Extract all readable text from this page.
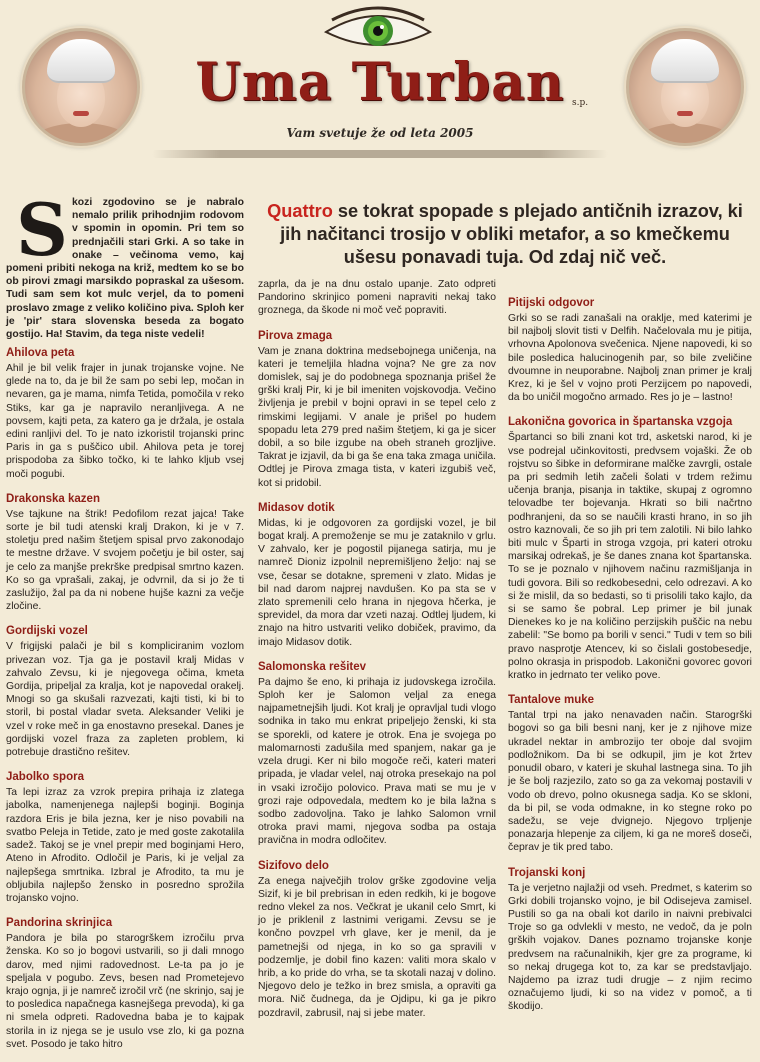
Uma Turban s.p.
Vam svetuje že od leta 2005
Skozi zgodovino se je nabralo nemalo prilik prihodnjim rodovom v spomin in opomin. Pri tem so prednjačili stari Grki. A so take in onake – večinoma vemo, kaj pomeni pribiti nekoga na križ, medtem ko se bo ob pirovi zmagi marsikdo popraskal za ušesom. Tudi sam sem kot mulc verjel, da to pomeni proslavo zmage z veliko količino piva. Sploh ker je 'pir' stara slovenska beseda za bogato gostijo. Ha! Stavim, da tega niste vedeli!
Quattro se tokrat spopade s plejado antičnih izrazov, ki jih načitanci trosijo v obliki metafor, a so kmečkemu ušesu ponavadi tuja. Od zdaj nič več.
Ahilova peta
Ahil je bil velik frajer in junak trojanske vojne. Ne glede na to, da je bil že sam po sebi lep, močan in nevaren, ga je mama, nimfa Tetida, pomočila v reko Stiks, kar ga je napravilo neranljivega. A ne povsem, kajti peta, za katero ga je držala, je ostala edini ranljivi del. To je nato izkoristil trojanski princ Paris in ga s puščico ubil. Ahilova peta je torej prispodoba za šibko točko, ki te lahko kljub vsej moči pogubi.
Drakonska kazen
Vse tajkune na štrik! Pedofilom rezat jajca! Take sorte je bil tudi atenski kralj Drakon, ki je v 7. stoletju pred našim štetjem spisal prvo zakonodajo te mestne države. V svojem početju je bil oster, saj je celo za manjše prekrške predpisal smrtno kazen. Ko so ga vprašali, zakaj, je odvrnil, da si jo že ti zaslužijo, žal pa da ni nobene hujše kazni za večje zločine.
Gordijski vozel
V frigijski palači je bil s kompliciranim vozlom privezan voz. Tja ga je postavil kralj Midas v zahvalo Zevsu, ki je njegovega očima, kmeta Gordija, pripeljal za kralja, kot je napovedal orakelj. Mnogi so ga skušali razvezati, kajti tisti, ki bi to storil, bi postal vladar sveta. Aleksander Veliki je vzel v roke meč in ga enostavno presekal. Danes je gordijski vozel fraza za zapleten problem, ki potrebuje drastično rešitev.
Jabolko spora
Ta lepi izraz za vzrok prepira prihaja iz zlatega jabolka, namenjenega najlepši boginji. Boginja razdora Eris je bila jezna, ker je niso povabili na svatbo Peleja in Tetide, zato je med goste zakotalila sadež. Takoj se je vnel prepir med boginjami Hero, Ateno in Afrodito. Odločil je Paris, ki je veljal za najlepšega smrtnika. Izbral je Afrodito, ta mu je obljubila najlepšo žensko in posredno sprožila trojansko vojno.
Pandorina skrinjica
Pandora je bila po starogrškem izročilu prva ženska. Ko so jo bogovi ustvarili, so ji dali mnogo darov, med njimi radovednost. Le-ta pa jo je speljala v pogubo. Zevs, besen nad Prometejevo krajo ognja, ji je namreč izročil vrč (ne skrinjo, saj je to posledica napačnega kasnejšega prevoda), ki ga ni smela odpreti. Radovedna baba je to kajpak storila in iz njega se je usulo vse zlo, ki ga pozna svet. Posodo je tako hitro
zaprla, da je na dnu ostalo upanje. Zato odpreti Pandorino skrinjico pomeni napraviti nekaj tako groznega, da škode ni moč več popraviti.
Pirova zmaga
Vam je znana doktrina medsebojnega uničenja, na kateri je temeljila hladna vojna? Ne gre za nov domislek, saj je do podobnega spoznanja prišel že grški kralj Pir, ki je bil imeniten vojskovodja. Večino življenja je prebil v bojni opravi in se tepel celo z rimskimi legijami. V anale je prišel po hudem spopadu leta 279 pred našim štetjem, ki ga je sicer dobil, a so bile izgube na obeh straneh grozljive. Takrat je izjavil, da bi ga še ena taka zmaga uničila. Odtlej je Pirova zmaga tista, v kateri izgubiš več, kot si pridobil.
Midasov dotik
Midas, ki je odgovoren za gordijski vozel, je bil bogat kralj. A premoženje se mu je zataknilo v grlu. V zahvalo, ker je pogostil pijanega satirja, mu je namreč Dioniz izpolnil nepremišljeno željo: naj se vse, česar se dotakne, spremeni v zlato. Midas je bil nad darom najprej navdušen. Ko pa sta se v zlato spremenili celo hrana in njegova hčerka, je sprevidel, da mora dar vzeti nazaj. Odtlej ljudem, ki znajo na hitro ustvariti veliko dobiček, pravimo, da imajo Midasov dotik.
Salomonska rešitev
Pa dajmo še eno, ki prihaja iz judovskega izročila. Sploh ker je Salomon veljal za enega najpametnejših ljudi. Kot kralj je opravljal tudi vlogo sodnika in tako mu enkrat pripeljejo ženski, ki sta se sporekli, od katere je otrok. Ena je svojega po malomarnosti zadušila med spanjem, nakar ga je vzela drugi. Ker ni bilo mogoče reči, kateri materi pripada, je vladar velel, naj otroka presekajo na pol in vsaki izročijo polovico. Prava mati se mu je v grozi raje odpovedala, medtem ko je bila lažna s sodbo zadovoljna. Tako je lahko Salomon vrnil otroka pravi mami, njegova sodba pa ostaja pravična in modra odločitev.
Sizifovo delo
Za enega največjih trolov grške zgodovine velja Sizif, ki je bil prebrisan in eden redkih, ki je bogove redno vlekel za nos. Večkrat je ukanil celo Smrt, ki jo je priklenil z lastnimi verigami. Zevsu se je končno povzpel vrh glave, ker je menil, da je pametnejši od njega, in ko so ga spravili v podzemlje, je dobil fino kazen: valiti mora skalo v hrib, a ko pride do vrha, se ta skotali nazaj v dolino. Njegovo delo je težko in brez smisla, a opraviti ga mora. Nič čudnega, da je Ojdipu, ki ga je pikro pozdravil, zabrusil, naj si jebe mater.
Pitijski odgovor
Grki so se radi zanašali na oraklje, med katerimi je bil najbolj slovit tisti v Delfih. Načelovala mu je pitija, vrhovna Apolonova svečenica. Njene napovedi, ki so bile posledica halucinogenih par, so bile zveličine dvoumne in neuporabne. Najbolj znan primer je kralj Krez, ki je šel v vojno proti Perzijcem po napovedi, da bo uničil mogočno armado. Res jo je – lastno!
Lakonična govorica in špartanska vzgoja
Špartanci so bili znani kot trd, asketski narod, ki je vse podrejal učinkovitosti, predvsem vojaški. Že ob rojstvu so šibke in deformirane malčke zavrgli, ostale pa pri sedmih letih začeli šolati v trdem režimu učenja branja, pisanja in taktike, skupaj z ogromno telovadbe ter bojevanja. Hkrati so bili načrtno podhranjeni, da so se naučili krasti hrano, in so jih ostro kaznovali, če so jih pri tem zalotili. Ni bilo lahko biti mulc v Šparti in stroga vzgoja, pri kateri otroku marsikaj odrekaš, je še danes znana kot špartanska. To se je poznalo v njihovem načinu razmišljanja in tudi govora. Bili so redkobesedni, celo odrezavi. A ko si že mislil, da so bedasti, so ti prisolili tako kajlo, da si se samo še pobral. Lep primer je bil junak Dienekes ko je na količino perzijskih puščic na nebu zabelil: "Se bomo pa borili v senci." Tudi v tem so bili pravo nasprotje Atencev, ki so čislali gostobesedje, polno okrasja in prispodob. Lakonični govorec govori kratko in jedrnato ter veliko pove.
Tantalove muke
Tantal trpi na jako nenavaden način. Starogrški bogovi so ga bili besni nanj, ker je z njihove mize ukradel nektar in ambrozijo ter oboje dal svojim podložnikom. Da bi se odkupil, jim je kot žrtev ponudil obaro, v kateri je skuhal lastnega sina. To jih je še bolj razjezilo, zato so ga za vekomaj postavili v vodo ob drevo, polno okusnega sadja. Ko se skloni, da bi pil, se voda odmakne, in ko stegne roko po sadežu, se veje dvignejo. Njegovo trpljenje ponazarja hlepenje za ciljem, ki ga ne moreš doseči, čeprav je tik pred tabo.
Trojanski konj
Ta je verjetno najlažji od vseh. Predmet, s katerim so Grki dobili trojansko vojno, je bil Odisejeva zamisel. Pustili so ga na obali kot darilo in naivni prebivalci Troje so ga odvlekli v mesto, ne vedoč, da je poln grških vojakov. Danes poznamo trojanske konje predvsem na računalnikih, kjer gre za programe, ki so nekaj drugega kot to, za kar se predstavljajo. Najdemo pa izraz tudi drugje – z njim recimo označujemo ljudi, ki so na videz v pomoč, a ti škodijo.
